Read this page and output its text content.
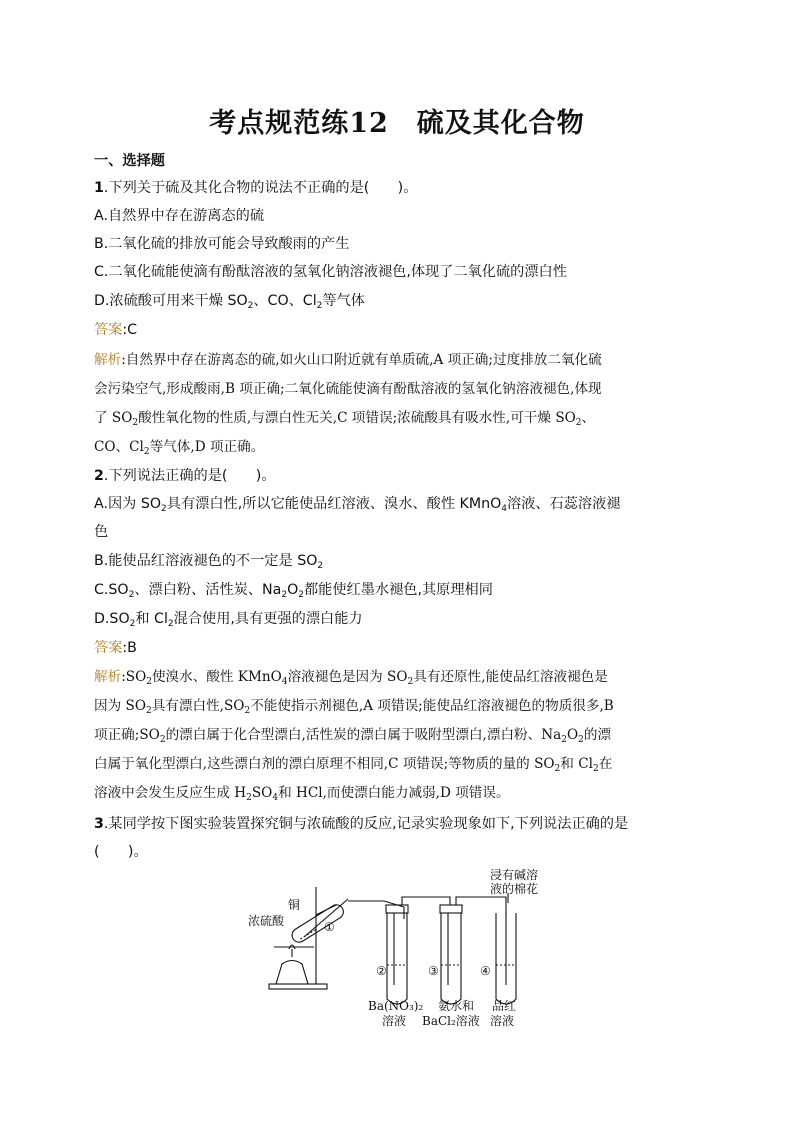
考点规范练12　硫及其化合物
一、选择题
1.下列关于硫及其化合物的说法不正确的是(　　)。
A.自然界中存在游离态的硫
B.二氧化硫的排放可能会导致酸雨的产生
C.二氧化硫能使滴有酚酞溶液的氢氧化钠溶液褪色,体现了二氧化硫的漂白性
D.浓硫酸可用来干燥 $SO_2$、CO、$Cl_2$等气体
答案:C
解析:自然界中存在游离态的硫,如火山口附近就有单质硫,A 项正确;过度排放二氧化硫
会污染空气,形成酸雨,B 项正确;二氧化硫能使滴有酚酞溶液的氢氧化钠溶液褪色,体现
了 $SO_2$酸性氧化物的性质,与漂白性无关,C 项错误;浓硫酸具有吸水性,可干燥 $SO_2$、
CO、$Cl_2$等气体,D 项正确。
2.下列说法正确的是(　　)。
A.因为 $SO_2$具有漂白性,所以它能使品红溶液、溴水、酸性 KMnO$_4$溶液、石蕊溶液褪
色
B.能使品红溶液褪色的不一定是 $SO_2$
$C.SO_2$、漂白粉、活性炭、$Na_2O_2$都能使红墨水褪色,其原理相同
$D.SO_2$和 $Cl_2$混合使用,具有更强的漂白能力
答案:B
解析$:SO_2$使溴水、酸性 KMnO$_4$溶液褪色是因为 $SO_2$具有还原性,能使品红溶液褪色是
因为 $SO_2$具有漂白性$,SO_2$不能使指示剂褪色,A 项错误;能使品红溶液褪色的物质很多,B
项正确$;SO_2$的漂白属于化合型漂白,活性炭的漂白属于吸附型漂白,漂白粉、$Na_2O_2$的漂
白属于氧化型漂白,这些漂白剂的漂白原理不相同,C 项错误;等物质的量的 $SO_2$和 $Cl_2$在
溶液中会发生反应生成 $H_2SO_4$和 HCl,而使漂白能力减弱,D 项错误。
3.某同学按下图实验装置探究铜与浓硫酸的反应,记录实验现象如下,下列说法正确的是
(　　)。
铜
浓硫酸	①
②	③	④
浸有碱溶
液的棉花
Ba(NO₃)₂
溶液
氨水和
BaCl₂溶液
品红
溶液
